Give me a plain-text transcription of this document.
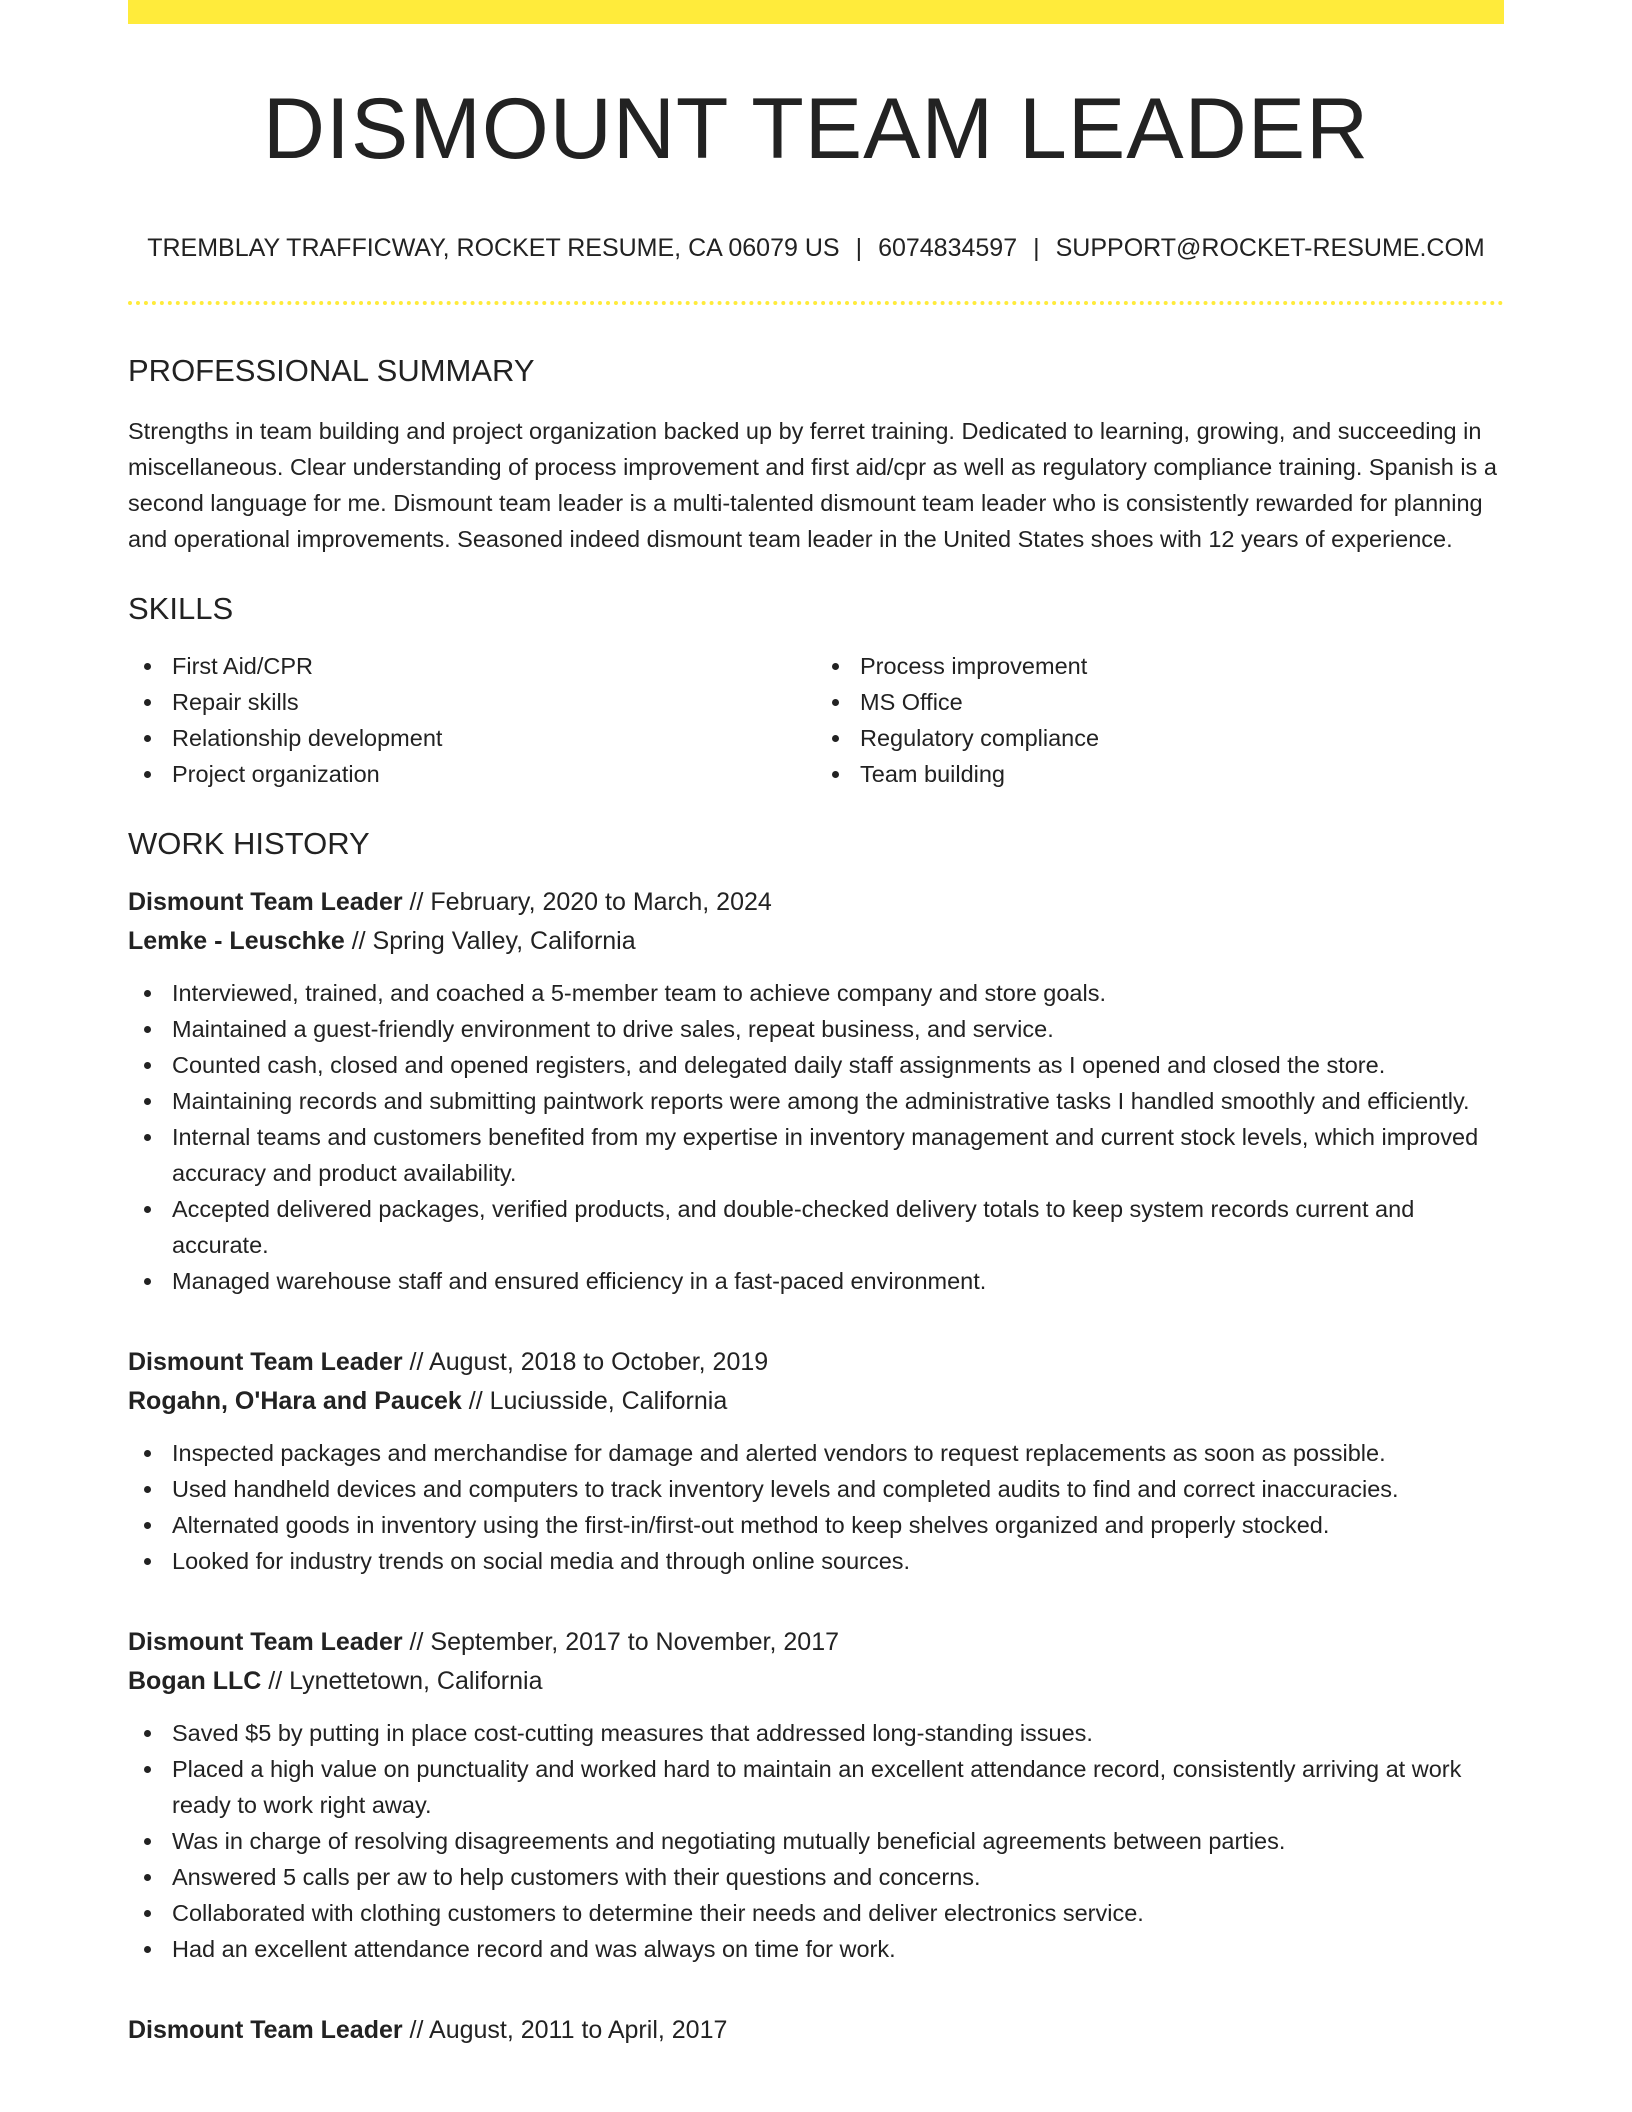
DISMOUNT TEAM LEADER
TREMBLAY TRAFFICWAY, ROCKET RESUME, CA 06079 US | 6074834597 | SUPPORT@ROCKET-RESUME.COM
PROFESSIONAL SUMMARY

Strengths in team building and project organization backed up by ferret training. Dedicated to learning, growing, and succeeding in miscellaneous. Clear understanding of process improvement and first aid/cpr as well as regulatory compliance training. Spanish is a second language for me. Dismount team leader is a multi-talented dismount team leader who is consistently rewarded for planning and operational improvements. Seasoned indeed dismount team leader in the United States shoes with 12 years of experience.

SKILLS
First Aid/CPR
Repair skills
Relationship development
Project organization
Process improvement
MS Office
Regulatory compliance
Team building
WORK HISTORY
Dismount Team Leader // February, 2020 to March, 2024
Lemke - Leuschke // Spring Valley, California
Interviewed, trained, and coached a 5-member team to achieve company and store goals.
Maintained a guest-friendly environment to drive sales, repeat business, and service.
Counted cash, closed and opened registers, and delegated daily staff assignments as I opened and closed the store.
Maintaining records and submitting paintwork reports were among the administrative tasks I handled smoothly and efficiently.
Internal teams and customers benefited from my expertise in inventory management and current stock levels, which improved accuracy and product availability.
Accepted delivered packages, verified products, and double-checked delivery totals to keep system records current and accurate.
Managed warehouse staff and ensured efficiency in a fast-paced environment.
Dismount Team Leader // August, 2018 to October, 2019
Rogahn, O'Hara and Paucek // Luciusside, California
Inspected packages and merchandise for damage and alerted vendors to request replacements as soon as possible.
Used handheld devices and computers to track inventory levels and completed audits to find and correct inaccuracies.
Alternated goods in inventory using the first-in/first-out method to keep shelves organized and properly stocked.
Looked for industry trends on social media and through online sources.
Dismount Team Leader // September, 2017 to November, 2017
Bogan LLC // Lynettetown, California
Saved $5 by putting in place cost-cutting measures that addressed long-standing issues.
Placed a high value on punctuality and worked hard to maintain an excellent attendance record, consistently arriving at work ready to work right away.
Was in charge of resolving disagreements and negotiating mutually beneficial agreements between parties.
Answered 5 calls per aw to help customers with their questions and concerns.
Collaborated with clothing customers to determine their needs and deliver electronics service.
Had an excellent attendance record and was always on time for work.
Dismount Team Leader // August, 2011 to April, 2017
